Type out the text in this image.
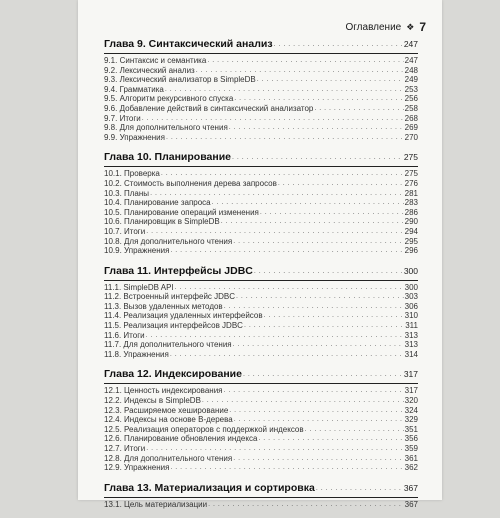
Оглавление ❖ 7
Глава 9. Синтаксический анализ . . .	247
9.1. Синтаксис и семантика . . .	247
9.2. Лексический анализ . . .	248
9.3. Лексический анализатор в SimpleDB . . .	249
9.4. Грамматика . . .	253
9.5. Алгоритм рекурсивного спуска . . .	256
9.6. Добавление действий в синтаксический анализатор . . .	258
9.7. Итоги . . .	268
9.8. Для дополнительного чтения . . .	269
9.9. Упражнения . . .	270
Глава 10. Планирование . . .	275
10.1. Проверка . . .	275
10.2. Стоимость выполнения дерева запросов . . .	276
10.3. Планы . . .	281
10.4. Планирование запроса . . .	283
10.5. Планирование операций изменения . . .	286
10.6. Планировщик в SimpleDB . . .	290
10.7. Итоги . . .	294
10.8. Для дополнительного чтения . . .	295
10.9. Упражнения . . .	296
Глава 11. Интерфейсы JDBC . . .	300
11.1. SimpleDB API . . .	300
11.2. Встроенный интерфейс JDBC . . .	303
11.3. Вызов удаленных методов . . .	306
11.4. Реализация удаленных интерфейсов . . .	310
11.5. Реализация интерфейсов JDBC . . .	311
11.6. Итоги . . .	313
11.7. Для дополнительного чтения . . .	313
11.8. Упражнения . . .	314
Глава 12. Индексирование . . .	317
12.1. Ценность индексирования . . .	317
12.2. Индексы в SimpleDB . . .	320
12.3. Расширяемое хеширование . . .	324
12.4. Индексы на основе B-дерева . . .	329
12.5. Реализация операторов с поддержкой индексов . . .	351
12.6. Планирование обновления индекса . . .	356
12.7. Итоги . . .	359
12.8. Для дополнительного чтения . . .	361
12.9. Упражнения . . .	362
Глава 13. Материализация и сортировка . . .	367
13.1. Цель материализации . . .	367
